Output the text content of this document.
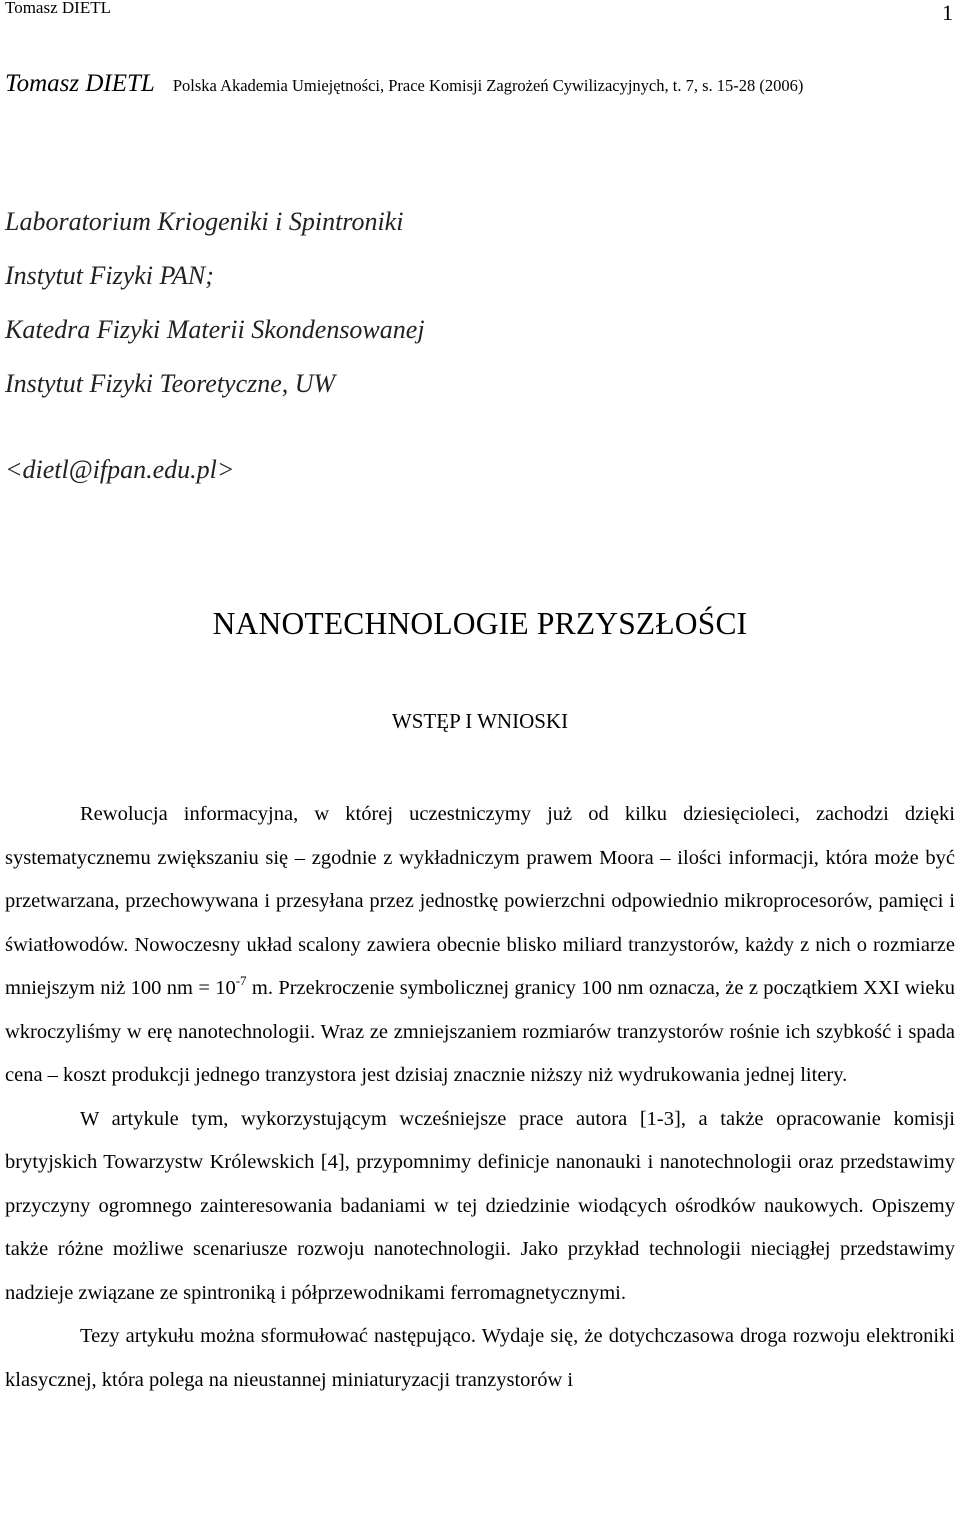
Tomasz DIETL	1
Tomasz DIETL Polska Akademia Umiejętności, Prace Komisji Zagrożeń Cywilizacyjnych, t. 7, s. 15-28 (2006)
Laboratorium Kriogeniki i Spintroniki
Instytut Fizyki PAN;
Katedra Fizyki Materii Skondensowanej
Instytut Fizyki Teoretyczne, UW
<dietl@ifpan.edu.pl>
NANOTECHNOLOGIE PRZYSZŁOŚCI
WSTĘP I WNIOSKI

Rewolucja informacyjna, w której uczestniczymy już od kilku dziesięcioleci, zachodzi dzięki systematycznemu zwiększaniu się – zgodnie z wykładniczym prawem Moora – ilości informacji, która może być przetwarzana, przechowywana i przesyłana przez jednostkę powierzchni odpowiednio mikroprocesorów, pamięci i światłowodów. Nowoczesny układ scalony zawiera obecnie blisko miliard tranzystorów, każdy z nich o rozmiarze mniejszym niż 100 nm = $10^{-7}$ m. Przekroczenie symbolicznej granicy 100 nm oznacza, że z początkiem XXI wieku wkroczyliśmy w erę nanotechnologii. Wraz ze zmniejszaniem rozmiarów tranzystorów rośnie ich szybkość i spada cena – koszt produkcji jednego tranzystora jest dzisiaj znacznie niższy niż wydrukowania jednej litery.

W artykule tym, wykorzystującym wcześniejsze prace autora [1-3], a także opracowanie komisji brytyjskich Towarzystw Królewskich [4], przypomnimy definicje nanonauki i nanotechnologii oraz przedstawimy przyczyny ogromnego zainteresowania badaniami w tej dziedzinie wiodących ośrodków naukowych. Opiszemy także różne możliwe scenariusze rozwoju nanotechnologii. Jako przykład technologii nieciągłej przedstawimy nadzieje związane ze spintroniką i półprzewodnikami ferromagnetycznymi.

Tezy artykułu można sformułować następująco. Wydaje się, że dotychczasowa droga rozwoju elektroniki klasycznej, która polega na nieustannej miniaturyzacji tranzystorów i
